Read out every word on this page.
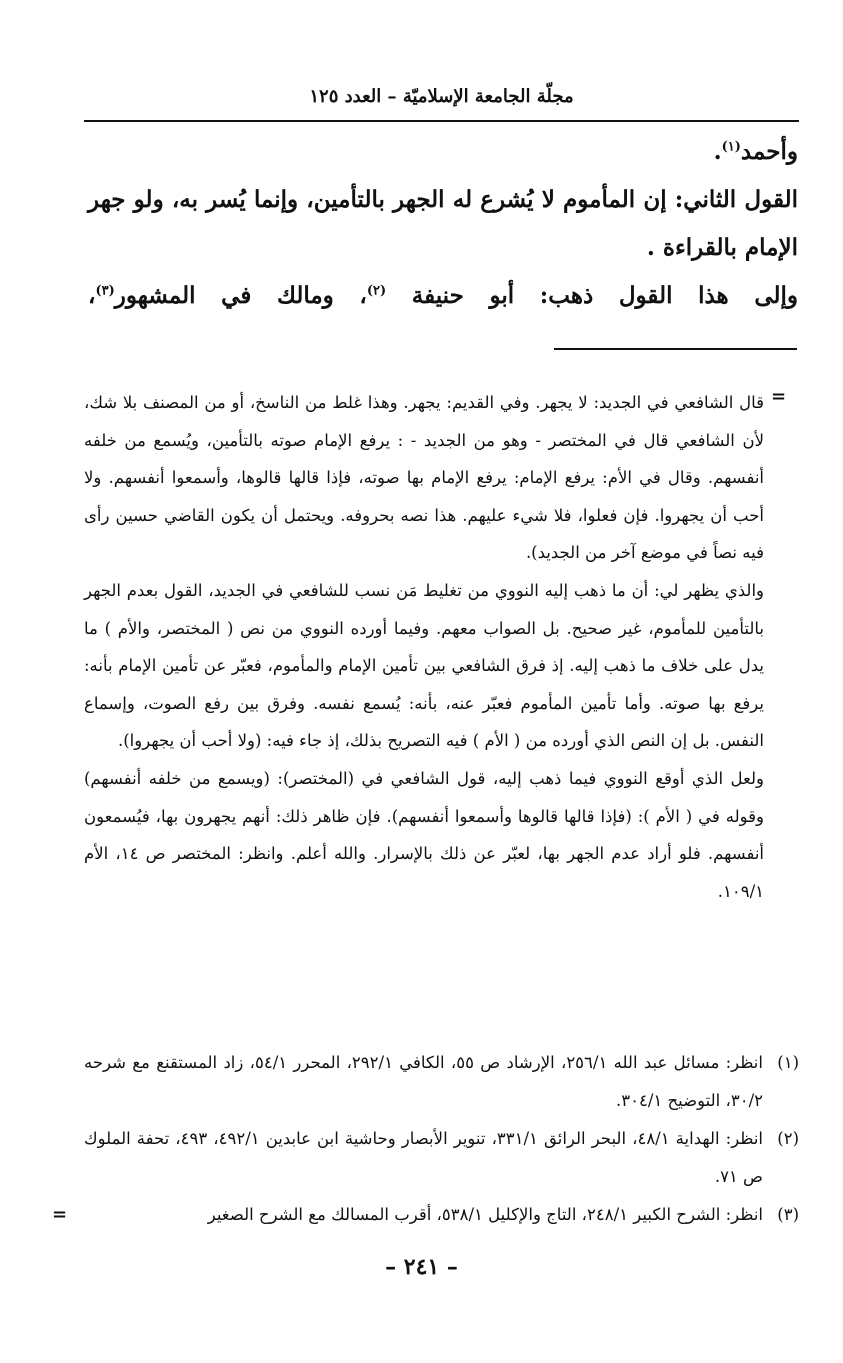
مجلّة الجامعة الإسلاميّة – العدد ١٢٥

وأحمد$^{(١)}$.

القول الثاني: إن المأموم لا يُشرع له الجهر بالتأمين، وإنما يُسر به، ولو جهر الإمام بالقراءة .

وإلى هذا القول ذهب: أبو حنيفة $^{(٢)}$، ومالك في المشهور$^{(٣)}$،

=

قال الشافعي في الجديد: لا يجهر. وفي القديم: يجهر. وهذا غلط من الناسخ، أو من المصنف بلا شك، لأن الشافعي قال في المختصر - وهو من الجديد - : يرفع الإمام صوته بالتأمين، ويُسمع من خلفه أنفسهم. وقال في الأم: يرفع الإمام: يرفع الإمام بها صوته، فإذا قالها قالوها، وأسمعوا أنفسهم. ولا أحب أن يجهروا. فإن فعلوا، فلا شيء عليهم. هذا نصه بحروفه. ويحتمل أن يكون القاضي حسين رأى فيه نصاً في موضع آخر من الجديد).

والذي يظهر لي: أن ما ذهب إليه النووي من تغليط مَن نسب للشافعي في الجديد، القول بعدم الجهر بالتأمين للمأموم، غير صحيح. بل الصواب معهم. وفيما أورده النووي من نص ( المختصر، والأم ) ما يدل على خلاف ما ذهب إليه. إذ فرق الشافعي بين تأمين الإمام والمأموم، فعبّر عن تأمين الإمام بأنه: يرفع بها صوته. وأما تأمين المأموم فعبّر عنه، بأنه: يُسمع نفسه. وفرق بين رفع الصوت، وإسماع النفس. بل إن النص الذي أورده من ( الأم ) فيه التصريح بذلك، إذ جاء فيه: (ولا أحب أن يجهروا).

ولعل الذي أوقع النووي فيما ذهب إليه، قول الشافعي في (المختصر): (ويسمع من خلفه أنفسهم) وقوله في ( الأم ): (فإذا قالها قالوها وأسمعوا أنفسهم). فإن ظاهر ذلك: أنهم يجهرون بها، فيُسمعون أنفسهم. فلو أراد عدم الجهر بها، لعبّر عن ذلك بالإسرار. والله أعلم. وانظر: المختصر ص ١٤، الأم ١٠٩/١.

(١)
انظر: مسائل عبد الله ٢٥٦/١، الإرشاد ص ٥٥، الكافي ٢٩٢/١، المحرر ٥٤/١، زاد المستقنع مع شرحه ٣٠/٢، التوضيح ٣٠٤/١.
(٢)
انظر: الهداية ٤٨/١، البحر الرائق ٣٣١/١، تنوير الأبصار وحاشية ابن عابدين ٤٩٢/١، ٤٩٣، تحفة الملوك ص ٧١.
(٣)
انظر: الشرح الكبير ٢٤٨/١، التاج والإكليل ٥٣٨/١، أقرب المسالك مع الشرح الصغير
=
– ٢٤١ –
